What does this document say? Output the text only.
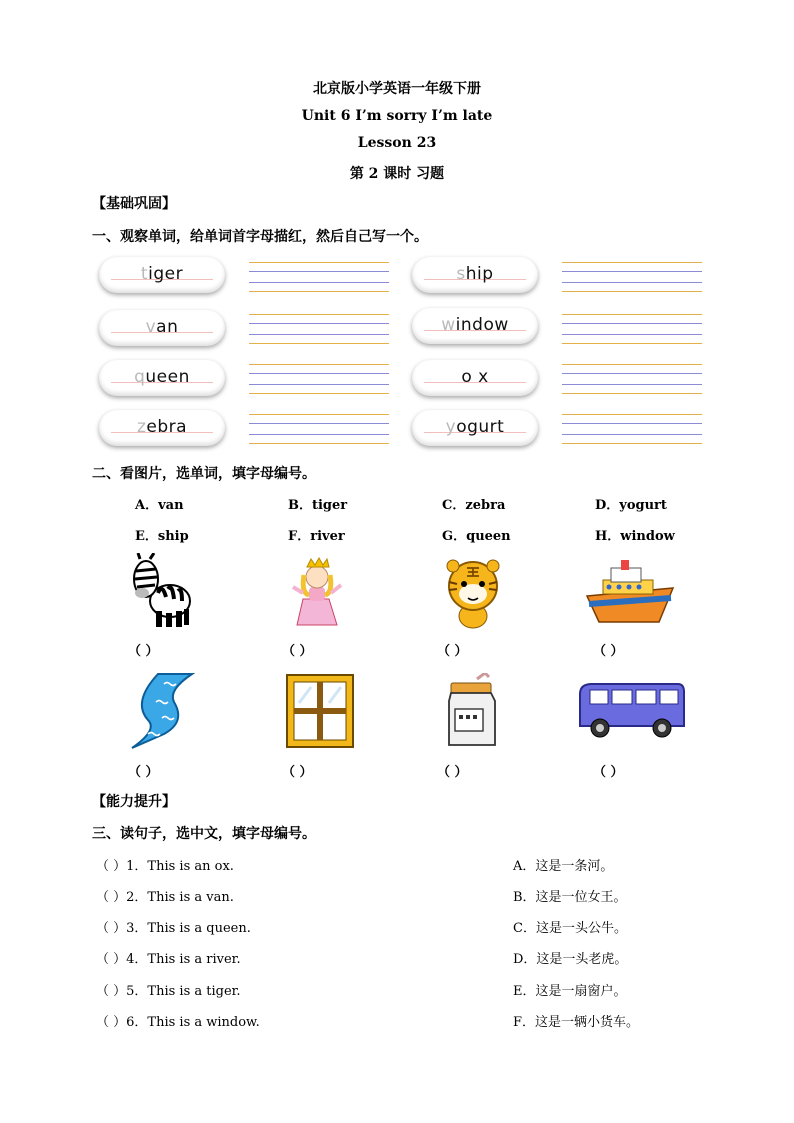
北京版小学英语一年级下册
Unit 6 I’m sorry I’m late
Lesson 23
第 2 课时 习题
【基础巩固】
一、观察单词，给单词首字母描红，然后自己写一个。
tiger
van
queen
zebra
ship
window
o x
yogurt
二、看图片，选单词，填字母编号。
A．van	B．tiger	C．zebra	D．yogurt
E．ship	F．river	G．queen	H．window
（ ）	（ ）	（ ）	（ ）
（ ）	（ ）	（ ）	（ ）
【能力提升】
三、读句子，选中文，填字母编号。
（ ）1．This is an ox.
（ ）2．This is a van.
（ ）3．This is a queen.
（ ）4．This is a river.
（ ）5．This is a tiger.
（ ）6．This is a window.
A．这是一条河。
B．这是一位女王。
C．这是一头公牛。
D．这是一头老虎。
E．这是一扇窗户。
F．这是一辆小货车。
